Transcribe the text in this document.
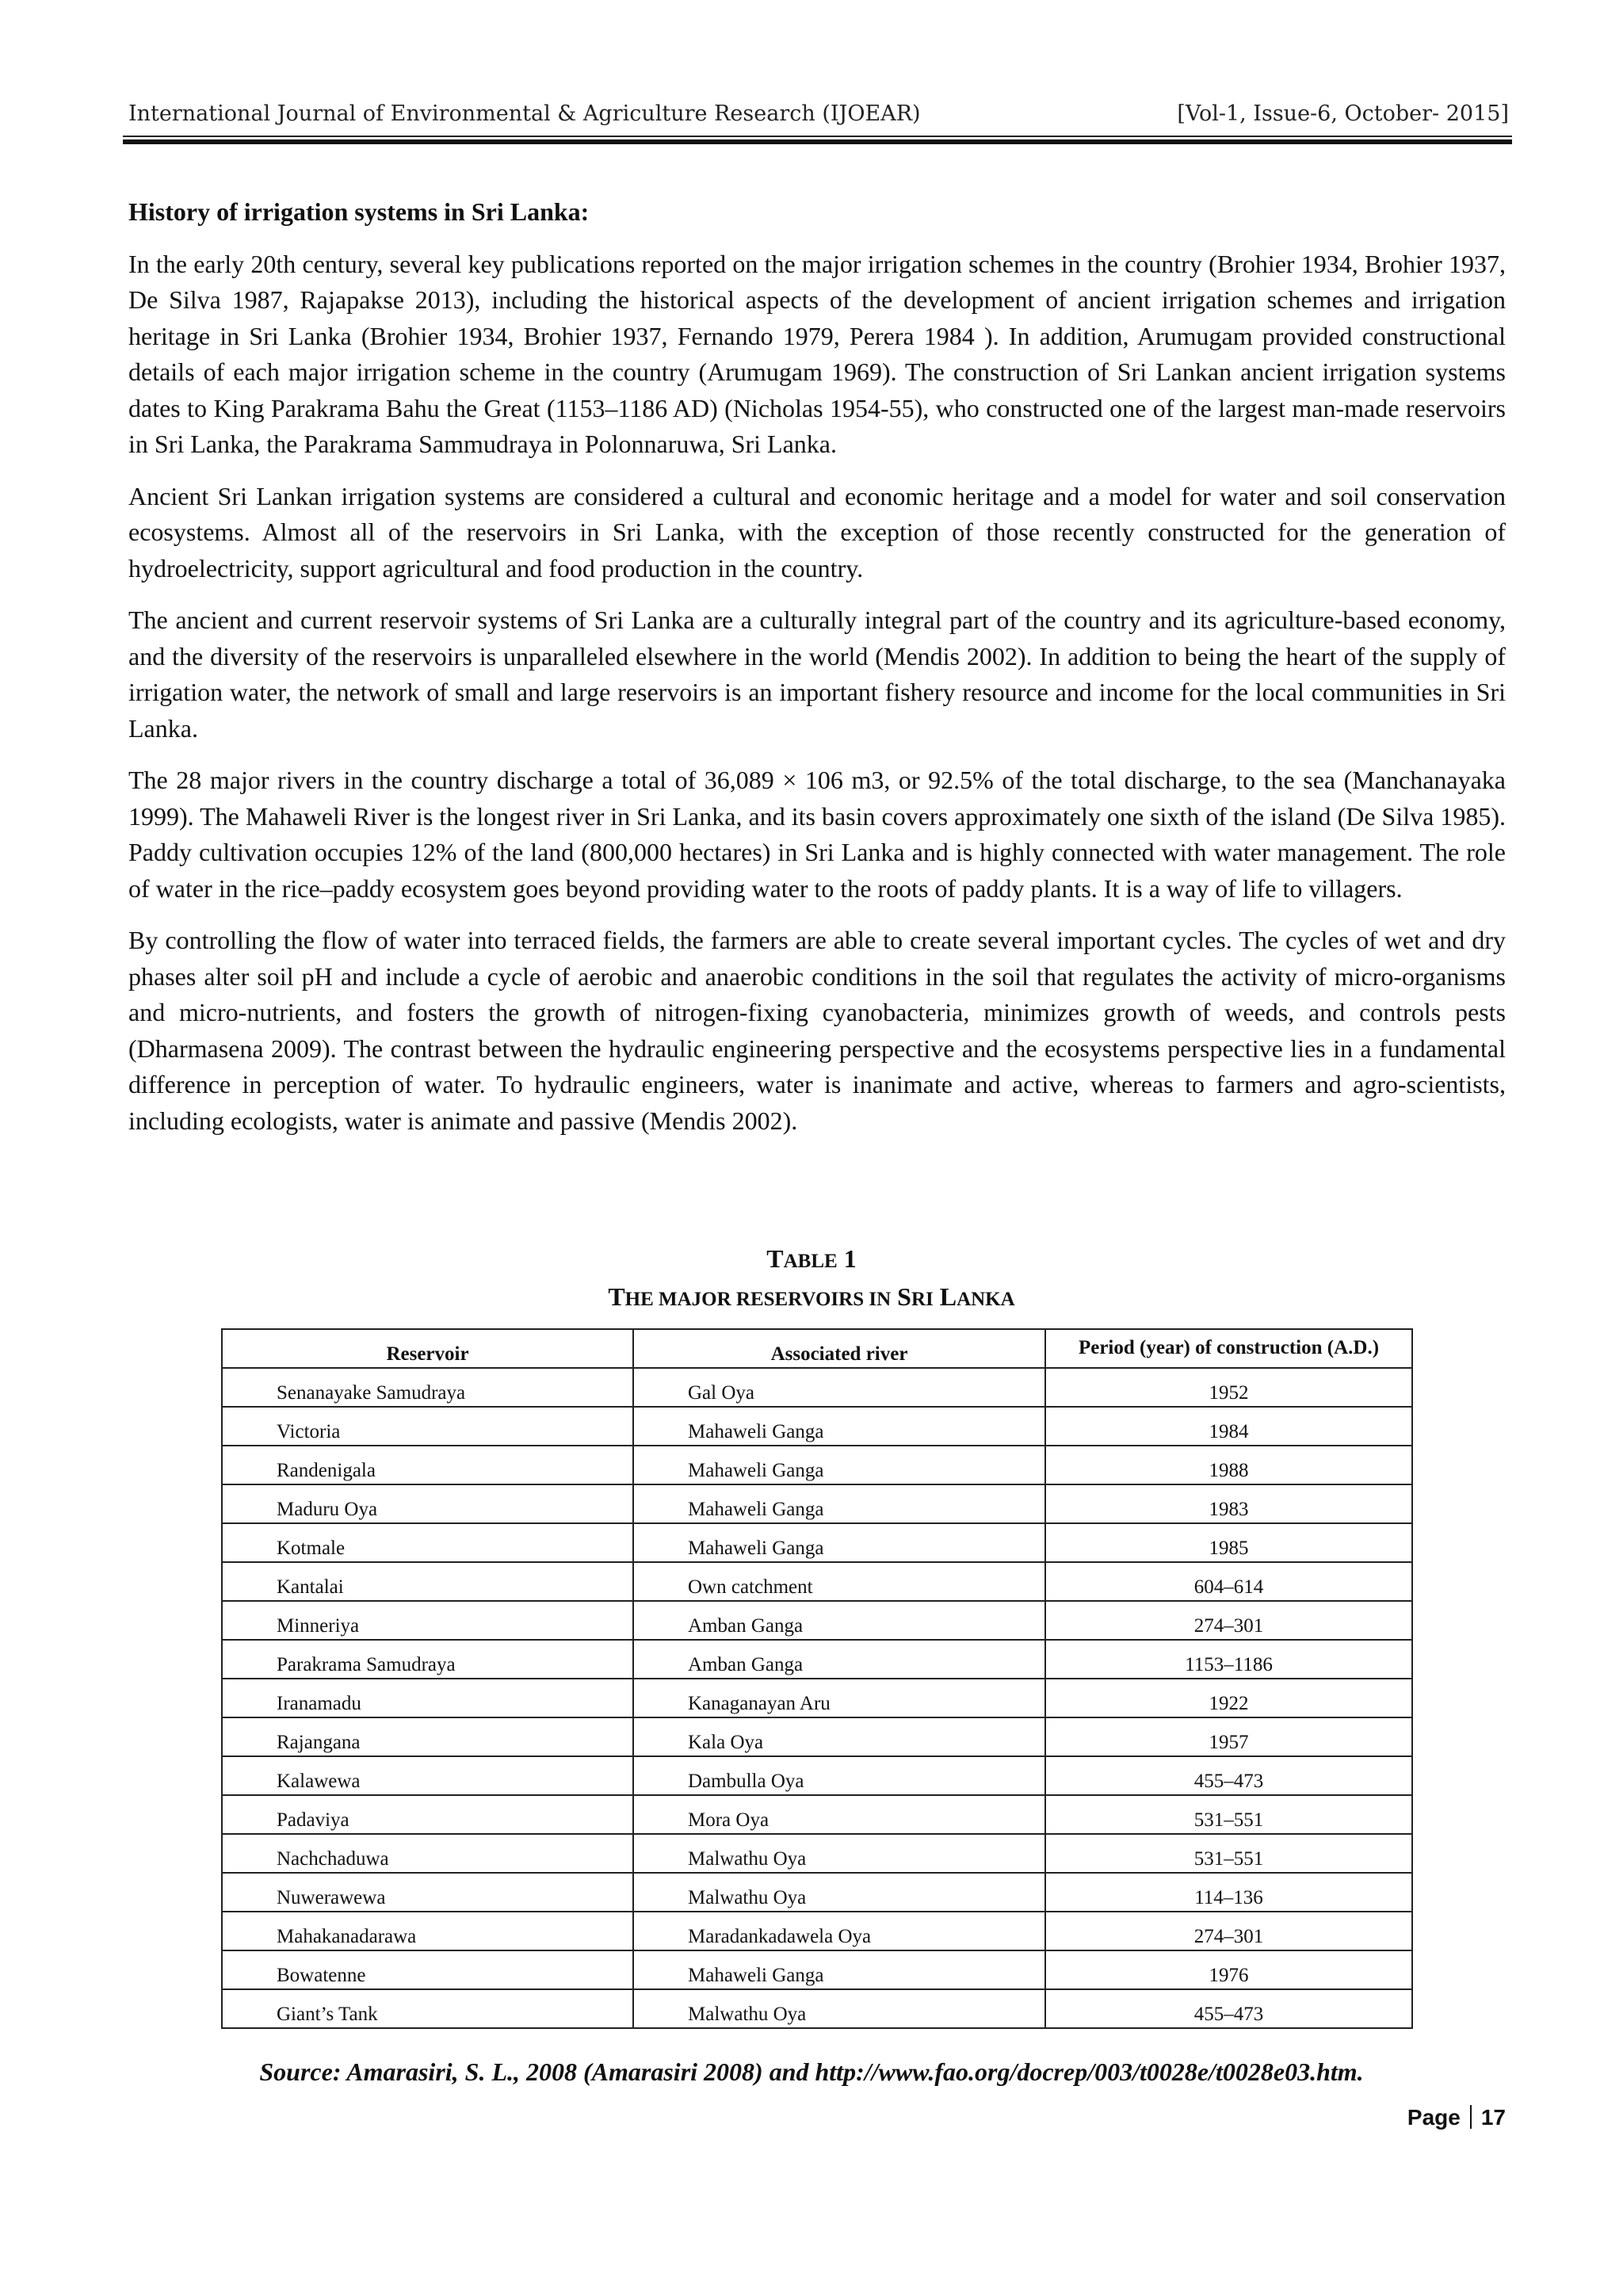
International Journal of Environmental & Agriculture Research (IJOEAR)	[Vol-1, Issue-6, October- 2015]
History of irrigation systems in Sri Lanka:

In the early 20th century, several key publications reported on the major irrigation schemes in the country (Brohier 1934, Brohier 1937, De Silva 1987, Rajapakse 2013), including the historical aspects of the development of ancient irrigation schemes and irrigation heritage in Sri Lanka (Brohier 1934, Brohier 1937, Fernando 1979, Perera 1984 ). In addition, Arumugam provided constructional details of each major irrigation scheme in the country (Arumugam 1969). The construction of Sri Lankan ancient irrigation systems dates to King Parakrama Bahu the Great (1153–1186 AD) (Nicholas 1954-55), who constructed one of the largest man-made reservoirs in Sri Lanka, the Parakrama Sammudraya in Polonnaruwa, Sri Lanka.

Ancient Sri Lankan irrigation systems are considered a cultural and economic heritage and a model for water and soil conservation ecosystems. Almost all of the reservoirs in Sri Lanka, with the exception of those recently constructed for the generation of hydroelectricity, support agricultural and food production in the country.

The ancient and current reservoir systems of Sri Lanka are a culturally integral part of the country and its agriculture-based economy, and the diversity of the reservoirs is unparalleled elsewhere in the world (Mendis 2002). In addition to being the heart of the supply of irrigation water, the network of small and large reservoirs is an important fishery resource and income for the local communities in Sri Lanka.

The 28 major rivers in the country discharge a total of 36,089 × 106 m3, or 92.5% of the total discharge, to the sea (Manchanayaka 1999). The Mahaweli River is the longest river in Sri Lanka, and its basin covers approximately one sixth of the island (De Silva 1985). Paddy cultivation occupies 12% of the land (800,000 hectares) in Sri Lanka and is highly connected with water management. The role of water in the rice–paddy ecosystem goes beyond providing water to the roots of paddy plants. It is a way of life to villagers.

By controlling the flow of water into terraced fields, the farmers are able to create several important cycles. The cycles of wet and dry phases alter soil pH and include a cycle of aerobic and anaerobic conditions in the soil that regulates the activity of micro-organisms and micro-nutrients, and fosters the growth of nitrogen-fixing cyanobacteria, minimizes growth of weeds, and controls pests (Dharmasena 2009). The contrast between the hydraulic engineering perspective and the ecosystems perspective lies in a fundamental difference in perception of water. To hydraulic engineers, water is inanimate and active, whereas to farmers and agro-scientists, including ecologists, water is animate and passive (Mendis 2002).

TABLE 1
THE MAJOR RESERVOIRS IN SRI LANKA
Reservoir	Associated river	Period (year) of construction (A.D.)
Senanayake Samudraya	Gal Oya	1952
Victoria	Mahaweli Ganga	1984
Randenigala	Mahaweli Ganga	1988
Maduru Oya	Mahaweli Ganga	1983
Kotmale	Mahaweli Ganga	1985
Kantalai	Own catchment	604–614
Minneriya	Amban Ganga	274–301
Parakrama Samudraya	Amban Ganga	1153–1186
Iranamadu	Kanaganayan Aru	1922
Rajangana	Kala Oya	1957
Kalawewa	Dambulla Oya	455–473
Padaviya	Mora Oya	531–551
Nachchaduwa	Malwathu Oya	531–551
Nuwerawewa	Malwathu Oya	114–136
Mahakanadarawa	Maradankadawela Oya	274–301
Bowatenne	Mahaweli Ganga	1976
Giant’s Tank	Malwathu Oya	455–473
Source: Amarasiri, S. L., 2008 (Amarasiri 2008) and http://www.fao.org/docrep/003/t0028e/t0028e03.htm.
Page 17
